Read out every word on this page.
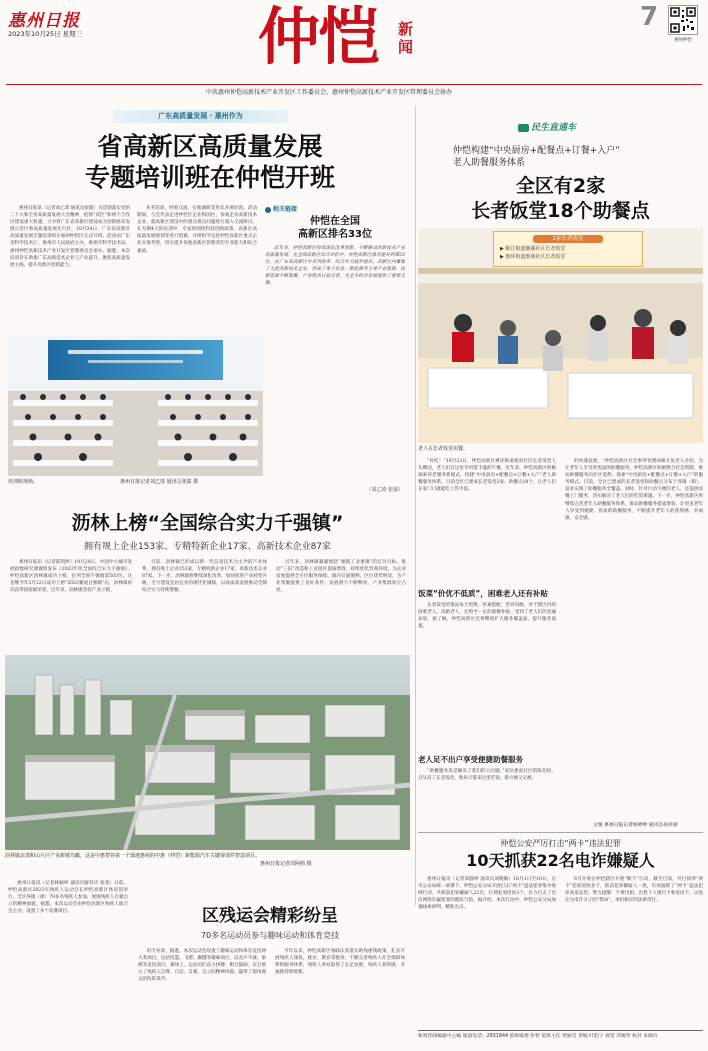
惠州日报
2023年10月25日 星期三	仲恺 新
闻
7
惠州仲恺
中共惠州仲恺高新技术产业开发区工作委员会、惠州仲恺高新技术产业开发区管理委员会协办
广东高质量发展 · 惠州作为
省高新区高质量发展
专题培训班在仲恺开班
惠州日报讯（记者刘乙琦 通讯员张镭）为贯彻落实党的二十大和全省高质量发展大会精神，抢抓“双区”和两个合作区建设重大机遇，力争将广东省高新区建设成为创新驱动发展示范区和高质量发展先行区，10月24日，广东省高新区高质量发展专题培训班在惠州仲恺区正式开班。活动由广东省科学技术厅、惠州市人民政府主办，惠州市科学技术局、惠州仲恺高新技术产业开发区管理委员会承办。据悉，本次培训旨在助推广东高新技术企业与产业提升，聚焦高质量发展主线，提升高新区创新能力。
业务培训，经验交流，实地调研等形式开展培训。活动期间，与会代表走进仲恺区企业和园区，参观走访高新技术企业，就高新区建设中的重点难点问题进行深入交流研讨。在为期4天的培训中，专家将围绕科技创新政策、高新区高质量发展规划等进行授课，并组织学员赴仲恺高新区重点企业实地考察，切实提升各地高新区管理者的专业能力和综合素质。
相关链接
仲恺在全国
高新区排名33位
近年来，仲恺高新区持续深化改革创新，不断推动高新技术产业高质量发展。在全国高新区综合评价中，仲恺高新区排名提升到第33位，在广东省高新区中名列前茅，综合实力稳步提升。高新区内聚集了大批高新技术企业，形成了电子信息、新能源等主导产业集群，创新资源不断集聚，产业链条日益完善，为全市经济发展提供了重要支撑。
（刘乙琦 张镭）
培训班现场。	惠州日报记者刘乙琦 通讯员张镭 摄
沥林上榜“全国综合实力千强镇”
拥有规上企业153家、专精特新企业17家、高新技术企业87家
惠州日报讯（记者陈凯婷）10月20日，中国中小城市发展指数研究课题组发布《2023年度全国综合实力千强镇》，仲恺高新区沥林镇成功上榜，位列全国千强镇第503位。这是继今年3月22日成功上榜“2023赛迪百强镇”后，沥林镇再次获得国家级荣誉。近年来，沥林镇坚持产业立镇。
目前，沥林镇已形成以新一代信息技术为主导的产业体系，拥有规上企业153家，专精特新企业17家，高新技术企业87家。下一步，沥林镇将继续深化改革，加快推进产业转型升级，全力建设宜居宜业的现代化城镇，以高质量发展推动全镇综合实力持续增强。
近年来，沥林镇紧紧围绕“强镇工业重镇”的定位目标，推动“三旧”改造和工业园区提质增效，持续优化营商环境，为企业发展提供全方位服务保障。镇内交通便利，区位优势明显，为产业集聚提供了良好条件，发展潜力不断释放，产业集群效应凸显。
沥林镇北部和山片区产业新城鸟瞰，这是中惠智谷第一个落地惠州的中惠（仲恺）新能源汽车关键零部件智造项目。
惠州日报记者周阿萌 摄
惠州日报讯（记者林颖婷 通讯员廖育玲 张斐）日前，仲恺高新区2023年残疾人运动会在仲恺高新区体育馆举行，全区各镇（街）70多名残疾人参加，展现残疾人自强自立的精神面貌。据悉，本次运动会由仲恺高新区残疾人联合会主办，设置了多个竞赛项目。	区残运会精彩纷呈
70多名运动员参与趣味运动和体育竞技
的专业训，据悉，本次运动会设置了趣味运动和体育竞技两大类项目，包括投篮、飞镖、踢毽等趣味项目，以及乒乓球、象棋等竞技项目。赛场上，运动员们奋力拼搏、相互鼓励，充分展示了残疾人自尊、自信、自强、自立的精神风貌，赢得了现场观众的阵阵掌声。
今年以来，仲恺高新区残联认真落实助残惠残政策，扎实开展残疾人康复、就业、教育等服务，不断完善残疾人社会保障体系和服务体系，残疾人事业取得了长足发展，残疾人获得感、幸福感持续增强。
民生直通车
仲恺构建“中央厨房+配餐点+订餐+入户”
老人助餐服务体系
全区有2家
长者饭堂18个助餐点
2家长者饭堂
▶ 陈江街道静湖社区长者饭堂
▶ 惠环街道惠南社区长者饭堂
老人在长者饭堂用餐。
“好吃！”10月23日，仲恺高新区惠环街道惠南社区长者饭堂人头攒动，老人们在这里享用着丰盛的午餐。近年来，仲恺高新区积极探索养老服务新模式，构建“中央厨房+配餐点+订餐+入户”老人助餐服务体系，目前全区已建成长者饭堂2家、助餐点18个，让老人们在家门口就能吃上热乎饭。
饭菜“价优不低质”，困难老人还有补贴
长者饭堂的菜品每天更换，荤素搭配，营养均衡。对于辖区内的困难老人、高龄老人，还给予一定的就餐补贴，受到了老人们的普遍欢迎。据了解，仲恺高新区还将继续扩大服务覆盖面，提升服务质量。
老人足不出户享受便捷助餐服务
“助餐服务真是解决了我们的大问题。”家住惠南社区的陈伯说，自从有了长者饭堂，他每天都来这里吃饭，既方便又实惠。
的快速发展，“仲恺高新区社会事务管理局相关负责人介绍，为让老年人享受更优质的助餐服务，仲恺高新区积极整合社会资源，推动助餐服务向社区延伸，探索“中央厨房+配餐点+订餐+入户”的服务模式。目前，全区已建成的长者饭堂和助餐点分布于各镇（街），基本实现了助餐服务全覆盖。同时，针对行动不便的老人，还提供送餐上门服务，切实解决了老人们的吃饭难题。下一步，仲恺高新区将继续完善老年人助餐服务体系，推动助餐服务提质增效，让更多老年人享受到便捷、优质的助餐服务，不断提升老年人的获得感、幸福感、安全感。
文图 惠州日报记者杨婷婷 通讯员孙泽梁
仲恺公安严厉打击“两卡”违法犯罪
10天抓获22名电诈嫌疑人
惠州日报讯（记者邱静婷 通讯员刘晓敏）10月1日至10日，在市公安局统一部署下，仲恺公安分局开展打击“两卡”违法犯罪集中收网行动，共抓获犯罪嫌疑人22名，打掉犯罪团伙3个，有力打击了电信网络诈骗犯罪的嚣张气焰。据介绍，本次行动中，仲恺公安分局加强线索研判，精准出击。
6月开始在仲恺辖区开展“断卡”行动，截至目前，共打掉涉“两卡”犯罪团伙多个，抓获犯罪嫌疑人一批，有效遏制了“两卡”违法犯罪高发态势。警方提醒：不要出租、出售个人银行卡和电话卡，以免沦为电诈分子的“帮凶”，承担相应的法律责任。
新闻热线编辑中心编 版面电话：2831844 值班编委 彭智 值班主任 贾丽音 责编 叶韵子 视觉 苏婉琴 校对 朱晓玲
